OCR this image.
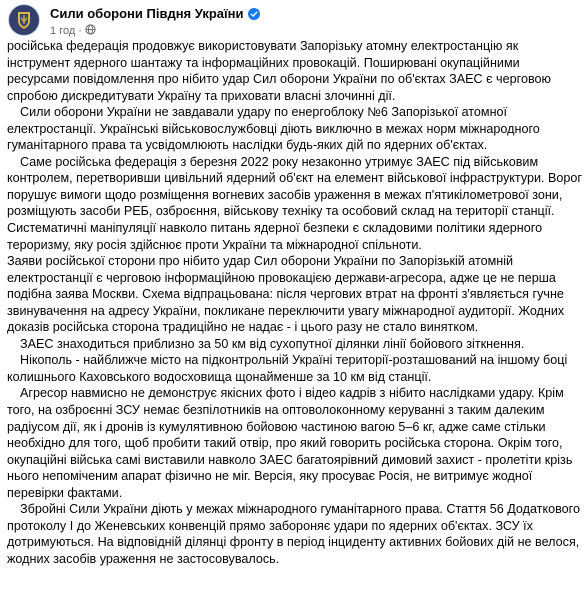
Сили оборони Півдня України
1 год ·

російська федерація продовжує використовувати Запорізьку атомну електростанцію як інструмент ядерного шантажу та інформаційних провокацій. Поширювані окупаційними ресурсами повідомлення про нібито удар Сил оборони України по об'єктах ЗАЕС є черговою спробою дискредитувати Україну та приховати власні злочинні дії.

Сили оборони України не завдавали удару по енергоблоку №6 Запорізької атомної електростанції. Українські військовослужбовці діють виключно в межах норм міжнародного гуманітарного права та усвідомлюють наслідки будь-яких дій по ядерних об'єктах.

Саме російська федерація з березня 2022 року незаконно утримує ЗАЕС під військовим контролем, перетворивши цивільний ядерний об'єкт на елемент військової інфраструктури. Ворог порушує вимоги щодо розміщення вогневих засобів ураження в межах п'ятикілометрової зони, розміщують засоби РЕБ, озброєння, військову техніку та особовий склад на території станції.

Систематичні маніпуляції навколо питань ядерної безпеки є складовими політики ядерного тероризму, яку росія здійснює проти України та міжнародної спільноти.

Заяви російської сторони про нібито удар Сил оборони України по Запорізькій атомній електростанції є черговою інформаційною провокацією держави-агресора, адже це не перша подібна заява Москви. Схема відпрацьована: після чергових втрат на фронті з'являється гучне звинувачення на адресу України, покликане переключити увагу міжнародної аудиторії. Жодних доказів російська сторона традиційно не надає - і цього разу не стало винятком.

ЗАЕС знаходиться приблизно за 50 км від сухопутної ділянки лінії бойового зіткнення.

Нікополь - найближче місто на підконтрольній Україні території-розташований на іншому боці колишнього Каховського водосховища щонайменше за 10 км від станції.

Агресор навмисно не демонструє якісних фото і відео кадрів з нібито наслідками удару. Крім того, на озброєнні ЗСУ немає безпілотників на оптоволоконному керуванні з таким далеким радіусом дії, як і дронів із кумулятивною бойовою частиною вагою 5–6 кг, адже саме стільки необхідно для того, щоб пробити такий отвір, про який говорить російська сторона. Окрім того, окупаційні війська самі виставили навколо ЗАЕС багатоярівний димовий захист - пролетіти крізь нього непоміченим апарат фізично не міг. Версія, яку просуває Росія, не витримує жодної перевірки фактами.

Збройні Сили України діють у межах міжнародного гуманітарного права. Стаття 56 Додаткового протоколу І до Женевських конвенцій прямо забороняє удари по ядерних об'єктах. ЗСУ їх дотримуються. На відповідній ділянці фронту в період інциденту активних бойових дій не велося, жодних засобів ураження не застосовувалось.
